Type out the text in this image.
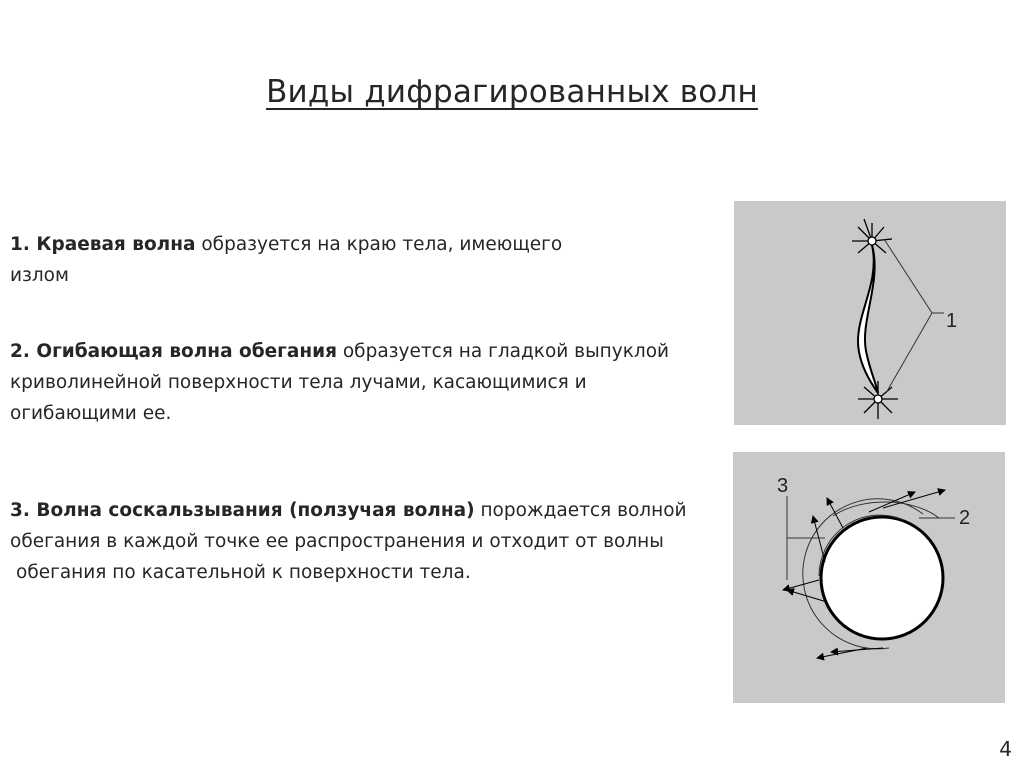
Виды дифрагированных волн
1. Краевая волна образуется на краю тела, имеющего
излом
2. Огибающая волна обегания образуется на гладкой выпуклой
криволинейной поверхности тела лучами, касающимися и
огибающими ее.
3. Волна соскальзывания (ползучая волна) порождается волной
обегания в каждой точке ее распространения и отходит от волны
обегания по касательной к поверхности тела.
1
3
2
4
